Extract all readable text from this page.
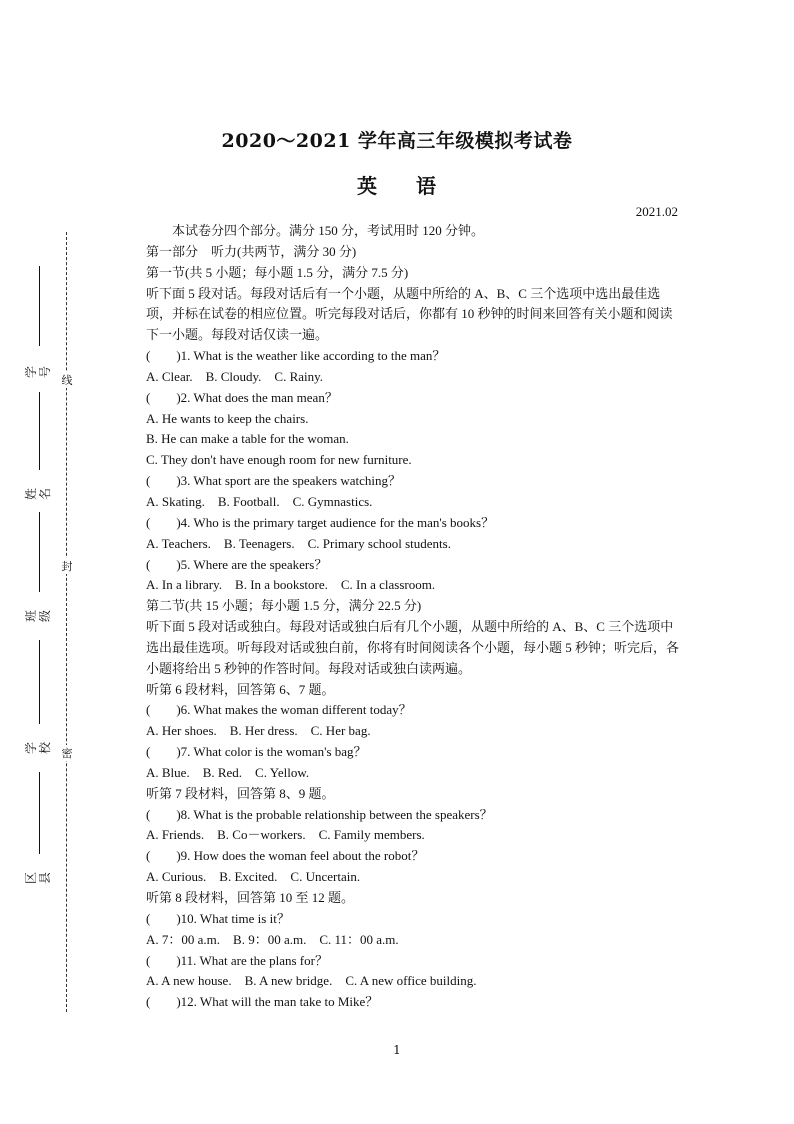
线
封
密
学号
姓名
班级
学校
区县
2020～2021 学年高三年级模拟考试卷
英 语
2021.02
本试卷分四个部分。满分 150 分，考试用时 120 分钟。
第一部分　听力(共两节，满分 30 分)
第一节(共 5 小题；每小题 1.5 分，满分 7.5 分)
听下面 5 段对话。每段对话后有一个小题，从题中所给的 A、B、C 三个选项中选出最佳选项，并标在试卷的相应位置。听完每段对话后，你都有 10 秒钟的时间来回答有关小题和阅读下一小题。每段对话仅读一遍。
(　　)1. What is the weather like according to the man？
A. Clear.　B. Cloudy.　C. Rainy.
(　　)2. What does the man mean？
A. He wants to keep the chairs.
B. He can make a table for the woman.
C. They don't have enough room for new furniture.
(　　)3. What sport are the speakers watching？
A. Skating.　B. Football.　C. Gymnastics.
(　　)4. Who is the primary target audience for the man's books？
A. Teachers.　B. Teenagers.　C. Primary school students.
(　　)5. Where are the speakers？
A. In a library.　B. In a bookstore.　C. In a classroom.
第二节(共 15 小题；每小题 1.5 分，满分 22.5 分)
听下面 5 段对话或独白。每段对话或独白后有几个小题，从题中所给的 A、B、C 三个选项中选出最佳选项。听每段对话或独白前，你将有时间阅读各个小题，每小题 5 秒钟；听完后，各小题将给出 5 秒钟的作答时间。每段对话或独白读两遍。
听第 6 段材料，回答第 6、7 题。
(　　)6. What makes the woman different today？
A. Her shoes.　B. Her dress.　C. Her bag.
(　　)7. What color is the woman's bag？
A. Blue.　B. Red.　C. Yellow.
听第 7 段材料，回答第 8、9 题。
(　　)8. What is the probable relationship between the speakers？
A. Friends.　B. Co－workers.　C. Family members.
(　　)9. How does the woman feel about the robot？
A. Curious.　B. Excited.　C. Uncertain.
听第 8 段材料，回答第 10 至 12 题。
(　　)10. What time is it？
A. 7：00 a.m.　B. 9：00 a.m.　C. 11：00 a.m.
(　　)11. What are the plans for？
A. A new house.　B. A new bridge.　C. A new office building.
(　　)12. What will the man take to Mike？
1
